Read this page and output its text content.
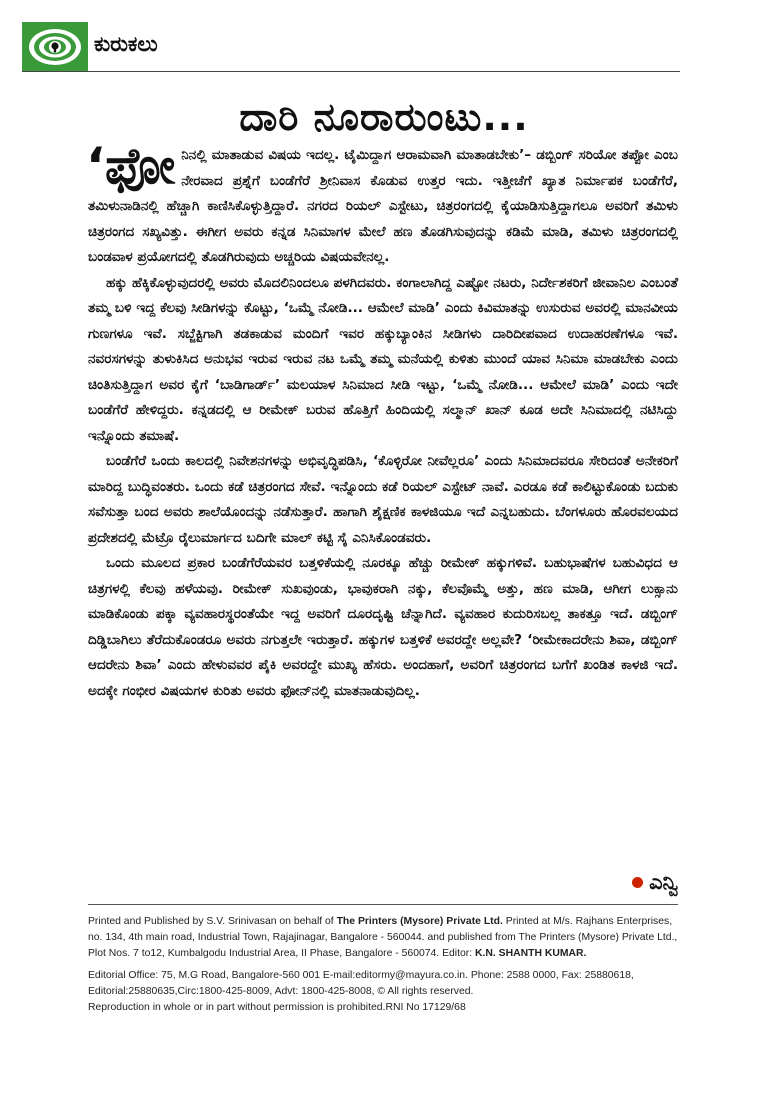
ಕುರುಕಲು
ದಾರಿ ನೂರಾರುಂಟು...

‘ಫೋನಿನಲ್ಲಿ ಮಾತಾಡುವ ವಿಷಯ ಇದಲ್ಲ. ಟೈಮಿದ್ದಾಗ ಆರಾಮವಾಗಿ ಮಾತಾಡಬೇಕು’– ಡಬ್ಬಿಂಗ್ ಸರಿಯೋ ತಪ್ಪೋ ಎಂಬ ನೇರವಾದ ಪ್ರಶ್ನೆಗೆ ಬಂಡೆಗೆರೆ ಶ್ರೀನಿವಾಸ ಕೊಡುವ ಉತ್ತರ ಇದು. ಇತ್ತೀಚೆಗೆ ಖ್ಯಾತ ನಿರ್ಮಾಪಕ ಬಂಡೆಗೆರೆ, ತಮಿಳುನಾಡಿನಲ್ಲಿ ಹೆಚ್ಚಾಗಿ ಕಾಣಿಸಿಕೊಳ್ಳುತ್ತಿದ್ದಾರೆ. ನಗರದ ರಿಯಲ್ ಎಸ್ಟೇಟು, ಚಿತ್ರರಂಗದಲ್ಲಿ ಕೈಯಾಡಿಸುತ್ತಿದ್ದಾಗಲೂ ಅವರಿಗೆ ತಮಿಳು ಚಿತ್ರರಂಗದ ಸಖ್ಯವಿತ್ತು. ಈಗೀಗ ಅವರು ಕನ್ನಡ ಸಿನಿಮಾಗಳ ಮೇಲೆ ಹಣ ತೊಡಗಿಸುವುದನ್ನು ಕಡಿಮೆ ಮಾಡಿ, ತಮಿಳು ಚಿತ್ರರಂಗದಲ್ಲಿ ಬಂಡವಾಳ ಪ್ರಯೋಗದಲ್ಲಿ ತೊಡಗಿರುವುದು ಅಚ್ಚರಿಯ ವಿಷಯವೇನಲ್ಲ.

ಹಕ್ಕು ಹೆಕ್ಕಿಕೊಳ್ಳುವುದರಲ್ಲಿ ಅವರು ಮೊದಲಿನಿಂದಲೂ ಪಳಗಿದವರು. ಕಂಗಾಲಾಗಿದ್ದ ಎಷ್ಟೋ ನಟರು, ನಿರ್ದೇಶಕರಿಗೆ ಜೀವಾನಿಲ ಎಂಬಂತೆ ತಮ್ಮ ಬಳಿ ಇದ್ದ ಕೆಲವು ಸೀಡಿಗಳನ್ನು ಕೊಟ್ಟು, ‘ಒಮ್ಮೆ ನೋಡಿ... ಆಮೇಲೆ ಮಾಡಿ’ ಎಂದು ಕಿವಿಮಾತನ್ನು ಉಸುರುವ ಅವರಲ್ಲಿ ಮಾನವೀಯ ಗುಣಗಳೂ ಇವೆ. ಸಬ್ಜೆಕ್ಟಿಗಾಗಿ ತಡಕಾಡುವ ಮಂದಿಗೆ ಇವರ ಹಕ್ಕುಬ್ಯಾಂಕಿನ ಸೀಡಿಗಳು ದಾರಿದೀಪವಾದ ಉದಾಹರಣೆಗಳೂ ಇವೆ. ನವರಸಗಳನ್ನು ತುಳುಕಿಸಿದ ಅನುಭವ ಇರುವ ಇರುವ ನಟ ಒಮ್ಮೆ ತಮ್ಮ ಮನೆಯಲ್ಲಿ ಕುಳಿತು ಮುಂದೆ ಯಾವ ಸಿನಿಮಾ ಮಾಡಬೇಕು ಎಂದು ಚಿಂತಿಸುತ್ತಿದ್ದಾಗ ಅವರ ಕೈಗೆ ‘ಬಾಡಿಗಾರ್ಡ್’ ಮಲಯಾಳ ಸಿನಿಮಾದ ಸೀಡಿ ಇಟ್ಟು, ‘ಒಮ್ಮೆ ನೋಡಿ... ಆಮೇಲೆ ಮಾಡಿ’ ಎಂದು ಇದೇ ಬಂಡೆಗೆರೆ ಹೇಳಿದ್ದರು. ಕನ್ನಡದಲ್ಲಿ ಆ ರೀಮೇಕ್ ಬರುವ ಹೊತ್ತಿಗೆ ಹಿಂದಿಯಲ್ಲಿ ಸಲ್ಮಾನ್ ಖಾನ್ ಕೂಡ ಅದೇ ಸಿನಿಮಾದಲ್ಲಿ ನಟಿಸಿದ್ದು ಇನ್ನೊಂದು ತಮಾಷೆ.

ಬಂಡೆಗೆರೆ ಒಂದು ಕಾಲದಲ್ಲಿ ನಿವೇಶನಗಳನ್ನು ಅಭಿವೃದ್ಧಿಪಡಿಸಿ, ‘ಕೊಳ್ಳಿರೋ ನೀವೆಲ್ಲರೂ’ ಎಂದು ಸಿನಿಮಾದವರೂ ಸೇರಿದಂತೆ ಅನೇಕರಿಗೆ ಮಾರಿದ್ದ ಬುದ್ಧಿವಂತರು. ಒಂದು ಕಡೆ ಚಿತ್ರರಂಗದ ಸೇವೆ. ಇನ್ನೊಂದು ಕಡೆ ರಿಯಲ್ ಎಸ್ಟೇಟ್ ನಾವೆ. ಎರಡೂ ಕಡೆ ಕಾಲಿಟ್ಟುಕೊಂಡು ಬದುಕು ಸವೆಸುತ್ತಾ ಬಂದ ಅವರು ಶಾಲೆಯೊಂದನ್ನು ನಡೆಸುತ್ತಾರೆ. ಹಾಗಾಗಿ ಶೈಕ್ಷಣಿಕ ಕಾಳಜಿಯೂ ಇದೆ ಎನ್ನಬಹುದು. ಬೆಂಗಳೂರು ಹೊರವಲಯದ ಪ್ರದೇಶದಲ್ಲಿ ಮೆಟ್ರೊ ರೈಲುಮಾರ್ಗದ ಬದಿಗೇ ಮಾಲ್ ಕಟ್ಟಿ ಸೈ ಎನಿಸಿಕೊಂಡವರು.

ಒಂದು ಮೂಲದ ಪ್ರಕಾರ ಬಂಡೆಗೆರೆಯವರ ಬತ್ತಳಿಕೆಯಲ್ಲಿ ನೂರಕ್ಕೂ ಹೆಚ್ಚು ರೀಮೇಕ್ ಹಕ್ಕುಗಳಿವೆ. ಬಹುಭಾಷೆಗಳ ಬಹುವಿಧದ ಆ ಚಿತ್ರಗಳಲ್ಲಿ ಕೆಲವು ಹಳೆಯವು. ರೀಮೇಕ್ ಸುಖವುಂಡು, ಭಾವುಕರಾಗಿ ನಕ್ಕು, ಕೆಲವೊಮ್ಮೆ ಅತ್ತು, ಹಣ ಮಾಡಿ, ಆಗೀಗ ಲುಕ್ಸಾನು ಮಾಡಿಕೊಂಡು ಪಕ್ಕಾ ವ್ಯವಹಾರಸ್ಥರಂತೆಯೇ ಇದ್ದ ಅವರಿಗೆ ದೂರದೃಷ್ಟಿ ಚೆನ್ನಾಗಿದೆ. ವ್ಯವಹಾರ ಕುದುರಿಸಬಲ್ಲ ತಾಕತ್ತೂ ಇದೆ. ಡಬ್ಬಿಂಗ್ ದಿಡ್ಡಿಬಾಗಿಲು ತೆರೆದುಕೊಂಡರೂ ಅವರು ನಗುತ್ತಲೇ ಇರುತ್ತಾರೆ. ಹಕ್ಕುಗಳ ಬತ್ತಳಿಕೆ ಅವರದ್ದೇ ಅಲ್ಲವೇ? ‘ರೀಮೇಕಾದರೇನು ಶಿವಾ, ಡಬ್ಬಿಂಗ್ ಆದರೇನು ಶಿವಾ’ ಎಂದು ಹೇಳುವವರ ಪೈಕಿ ಅವರದ್ದೇ ಮುಖ್ಯ ಹೆಸರು. ಅಂದಹಾಗೆ, ಅವರಿಗೆ ಚಿತ್ರರಂಗದ ಬಗೆಗೆ ಖಂಡಿತ ಕಾಳಜಿ ಇದೆ. ಅದಕ್ಕೇ ಗಂಭೀರ ವಿಷಯಗಳ ಕುರಿತು ಅವರು ಫೋನ್‌ನಲ್ಲಿ ಮಾತನಾಡುವುದಿಲ್ಲ.

ಎನ್ವಿ

Printed and Published by S.V. Srinivasan on behalf of The Printers (Mysore) Private Ltd. Printed at M/s. Rajhans Enterprises, no. 134, 4th main road, Industrial Town, Rajajinagar, Bangalore - 560044. and published from The Printers (Mysore) Private Ltd., Plot Nos. 7 to12, Kumbalgodu Industrial Area, II Phase, Bangalore - 560074. Editor: K.N. SHANTH KUMAR.

Editorial Office: 75, M.G Road, Bangalore-560 001 E-mail:editormy@mayura.co.in. Phone: 2588 0000, Fax: 25880618, Editorial:25880635,Circ:1800-425-8009, Advt: 1800-425-8008, © All rights reserved.
Reproduction in whole or in part without permission is prohibited.RNI No 17129/68
